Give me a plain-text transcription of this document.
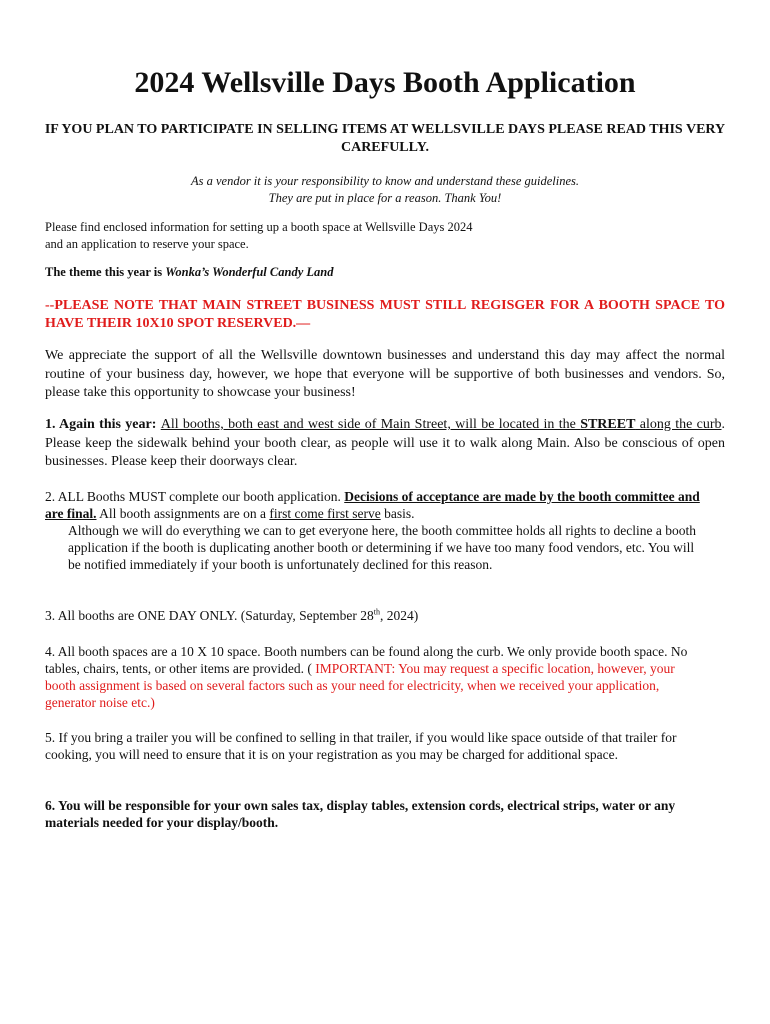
2024 Wellsville Days Booth Application
IF YOU PLAN TO PARTICIPATE IN SELLING ITEMS AT WELLSVILLE DAYS PLEASE READ THIS VERY CAREFULLY.
As a vendor it is your responsibility to know and understand these guidelines.
They are put in place for a reason. Thank You!
Please find enclosed information for setting up a booth space at Wellsville Days 2024
and an application to reserve your space.
The theme this year is Wonka’s Wonderful Candy Land
--PLEASE NOTE THAT MAIN STREET BUSINESS MUST STILL REGISGER FOR A BOOTH SPACE TO HAVE THEIR 10X10 SPOT RESERVED.—
We appreciate the support of all the Wellsville downtown businesses and understand this day may affect the normal routine of your business day, however, we hope that everyone will be supportive of both businesses and vendors. So, please take this opportunity to showcase your business!
1. Again this year: All booths, both east and west side of Main Street, will be located in the STREET along the curb. Please keep the sidewalk behind your booth clear, as people will use it to walk along Main. Also be conscious of open businesses. Please keep their doorways clear.
2. ALL Booths MUST complete our booth application. Decisions of acceptance are made by the booth committee and are final. All booth assignments are on a first come first serve basis.
Although we will do everything we can to get everyone here, the booth committee holds all rights to decline a booth application if the booth is duplicating another booth or determining if we have too many food vendors, etc. You will be notified immediately if your booth is unfortunately declined for this reason.
3. All booths are ONE DAY ONLY. (Saturday, September 28th, 2024)
4. All booth spaces are a 10 X 10 space. Booth numbers can be found along the curb. We only provide booth space. No tables, chairs, tents, or other items are provided. ( IMPORTANT: You may request a specific location, however, your booth assignment is based on several factors such as your need for electricity, when we received your application, generator noise etc.)
5. If you bring a trailer you will be confined to selling in that trailer, if you would like space outside of that trailer for cooking, you will need to ensure that it is on your registration as you may be charged for additional space.
6. You will be responsible for your own sales tax, display tables, extension cords, electrical strips, water or any materials needed for your display/booth.
